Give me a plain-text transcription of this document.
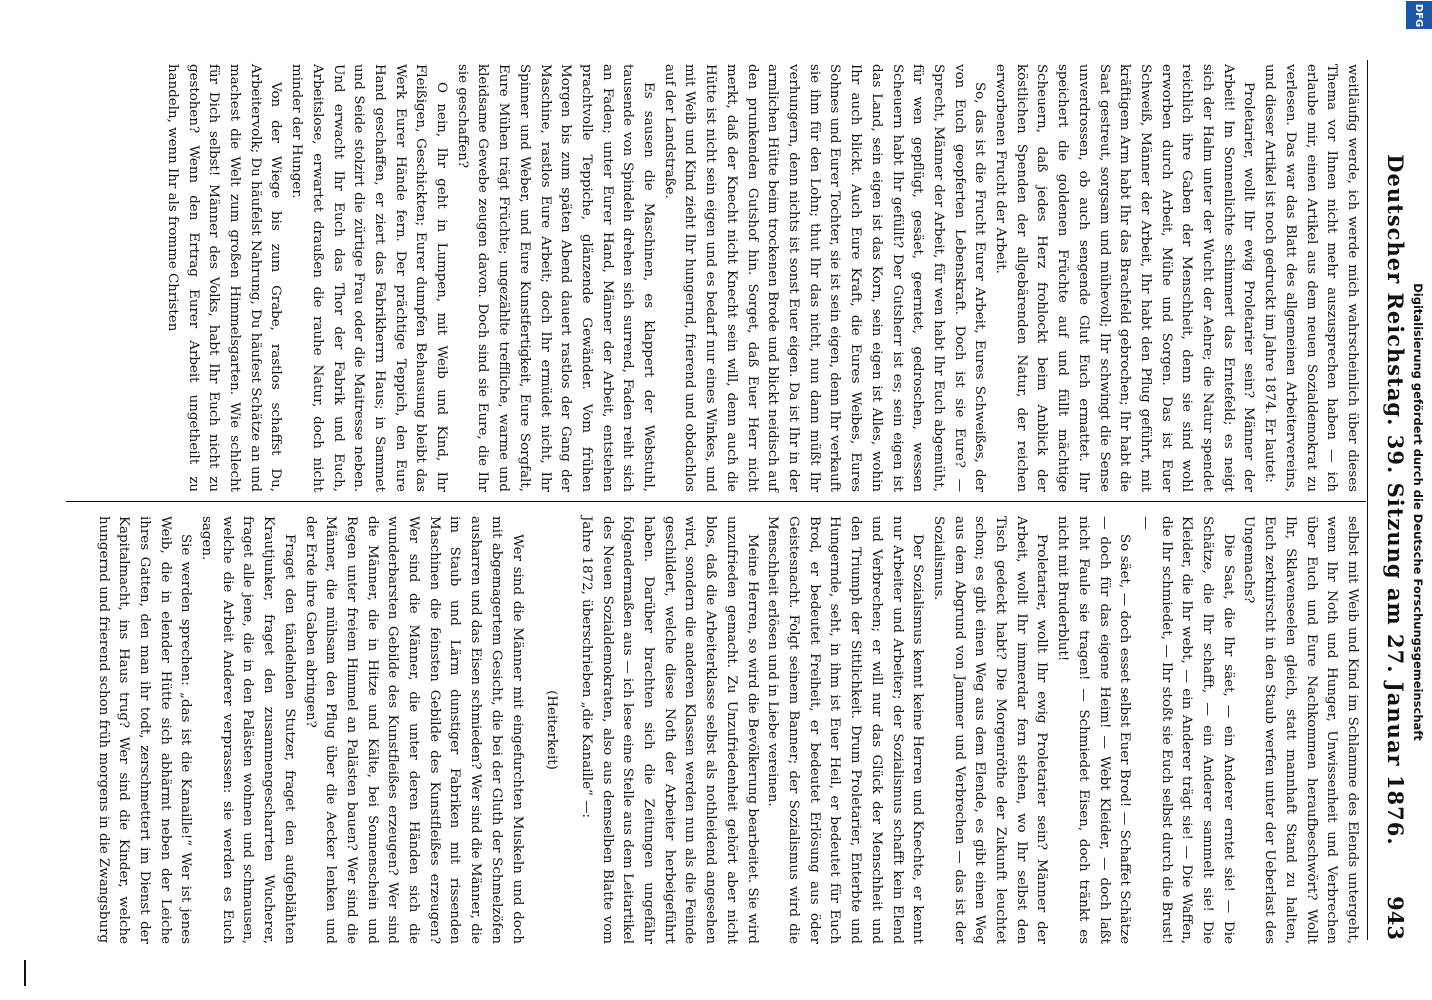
Deutscher Reichstag. 39. Sitzung am 27. Januar 1876.
943

weitläufig werde, ich werde mich wahrscheinlich über dieses Thema vor Ihnen nicht mehr auszusprechen haben — ich erlaube mir, einen Artikel aus dem neuen Sozialdemokrat zu verlesen. Das war das Blatt des allgemeinen Arbeitervereins, und dieser Artikel ist noch gedruckt im Jahre 1874. Er lautet:

Proletarier, wollt Ihr ewig Proletarier sein? Männer der Arbeit! Im Sonnenlichte schimmert das Erntefeld; es neigt sich der Halm unter der Wucht der Aehre; die Natur spendet reichlich ihre Gaben der Menschheit, denn sie sind wohl erworben durch Arbeit, Mühe und Sorgen. Das ist Euer Schweiß, Männer der Arbeit, Ihr habt den Pflug geführt, mit kräftigem Arm habt Ihr das Brachfeld gebrochen; Ihr habt die Saat gestreut, sorgsam und mühevoll; Ihr schwingt die Sense unverdrossen, ob auch sengende Glut Euch ermattet. Ihr speichert die goldenen Früchte auf und füllt mächtige Scheuern, daß jedes Herz frohlockt beim Anblick der köstlichen Spenden der allgebärenden Natur, der reichen erworbenen Frucht der Arbeit.

So, das ist die Frucht Eurer Arbeit, Eures Schweißes, der von Euch geopferten Lebenskraft. Doch ist sie Eure? — Sprecht, Männer der Arbeit, für wen habt Ihr Euch abgemüht, für wen gepflügt, gesäet, geerntet, gedroschen, wessen Scheuern habt Ihr gefüllt? Der Gutsherr ist es; sein eigen ist das Land, sein eigen ist das Korn, sein eigen ist Alles, wohin Ihr auch blickt. Auch Eure Kraft, die Eures Weibes, Eures Sohnes und Eurer Tochter, sie ist sein eigen, denn Ihr verkauft sie ihm für den Lohn; thut Ihr das nicht, nun dann müßt Ihr verhungern, denn nichts ist sonst Euer eigen. Da ist Ihr in der armlichen Hütte beim trockenen Brode und blickt neidisch auf den prunkenden Gutshof hin. Sorget, daß Euer Herr nicht merkt, daß der Knecht nicht Knecht sein will, denn auch die Hütte ist nicht sein eigen und es bedarf nur eines Winkes, und mit Weib und Kind zieht Ihr hungernd, frierend und obdachlos auf der Landstraße.

Es sausen die Maschinen, es klappert der Webstuhl, tausende von Spindeln drehen sich surrend, Faden reiht sich an Faden; unter Eurer Hand, Männer der Arbeit, entstehen prachtvolle Teppiche, glänzende Gewänder. Vom frühen Morgen bis zum späten Abend dauert rastlos der Gang der Maschine, rastlos Eure Arbeit; doch Ihr ermüdet nicht, Ihr Spinner und Weber, und Eure Kunstfertigkeit, Eure Sorgfalt, Eure Mühen trägt Früchte; ungezählte treffliche, warme und kleidsame Gewebe zeugen davon. Doch sind sie Eure, die Ihr sie geschaffen?

O nein, Ihr geht in Lumpen, mit Weib und Kind, Ihr Fleißigen, Geschickten; Eurer dumpfen Behausung bleibt das Werk Eurer Hände fern. Der prächtige Teppich, den Eure Hand geschaffen, er ziert das Fabrikherrn Haus; in Sammet und Seide stolzirt die zürtige Frau oder die Maitresse neben. Und erwacht Ihr Euch das Thor der Fabrik und Euch, Arbeitslose, erwartet draußen die rauhe Natur, doch nicht minder der Hunger.

Von der Wiege bis zum Grabe, rastlos schaffst Du, Arbeitervolk; Du häufelst Nahrung, Du häufest Schätze an und machest die Welt zum großen Himmelsgarten. Wie schlecht für Dich selbst! Männer des Volks, habt Ihr Euch nicht zu gestohen? Wenn den Ertrag Eurer Arbeit ungetheilt zu handeln, wenn Ihr als fromme Christen

selbst mit Weib und Kind im Schlamme des Elends untergeht, wenn Ihr Noth und Hunger, Unwissenheit und Verbrechen über Euch und Eure Nachkommen heraufbeschwört? Wollt Ihr, Sklavenseelen gleich, statt mannhaft Stand zu halten, Euch zerknirscht in den Staub werfen unter der Ueberlast des Ungemachs?

Die Saat, die Ihr säet, — ein Anderer erntet sie! — Die Schätze, die Ihr schafft, — ein Anderer sammelt sie! Die Kleider, die Ihr webt, — ein Anderer trägt sie! — Die Waffen, die Ihr schmiedet, — Ihr stoßt sie Euch selbst durch die Brust! —

So säet, — doch esset selbst Euer Brod! — Schaffet Schätze — doch für das eigene Heim! — Webt Kleider, — doch laßt nicht Faule sie tragen! — Schmiedet Eisen, doch tränkt es nicht mit Bruderblut!

Proletarier, wollt Ihr ewig Proletarier sein? Männer der Arbeit, wollt Ihr immerdar fern stehen, wo Ihr selbst den Tisch gedeckt habt? Die Morgenröthe der Zukunft leuchtet schon; es gibt einen Weg aus dem Elende, es gibt einen Weg aus dem Abgrund von Jammer und Verbrechen — das ist der Sozialismus.

Der Sozialismus kennt keine Herren und Knechte, er kennt nur Arbeiter und Arbeiter; der Sozialismus schafft kein Elend und Verbrechen; er will nur das Glück der Menschheit und den Triumph der Sittlichkeit. Drum Proletarier, Enterbte und Hungernde, seht, in ihm ist Euer Heil, er bedeutet für Euch Brod, er bedeutet Freiheit, er bedeutet Erlösung aus öder Geistesnacht. Folgt seinem Banner; der Sozialismus wird die Menschheit erlösen und in Liebe vereinen.

Meine Herren, so wird die Bevölkerung bearbeitet. Sie wird unzufrieden gemacht. Zu Unzufriedenheit gehört aber nicht blos, daß die Arbeiterklasse selbst als nothleidend angesehen wird, sondern die anderen Klassen werden nun als die Feinde geschildert, welche diese Noth der Arbeiter herbeigeführt haben. Darüber brachten sich die Zeitungen ungefähr folgendermaßen aus — ich lese eine Stelle aus dem Leitartikel des Neuen Sozialdemokraten, also aus demselben Blatte vom Jahre 1872, überschrieben „die Kanaille“ —:

(Heiterkeit)

Wer sind die Männer mit eingefurchten Muskeln und doch mit abgemagertem Gesicht, die bei der Gluth der Schmelzöfen ausharren und das Eisen schmieden? Wer sind die Männer, die im Staub und Lärm dunstiger Fabriken mit rissenden Maschinen die feinsten Gebilde des Kunstfleißes erzeugen? Wer sind die Männer, die unter deren Händen sich die wunderbarsten Gebilde des Kunstfleißes erzeugen? Wer sind die Männer, die in Hitze und Kälte, bei Sonnenschein und Regen unter freiem Himmel an Palästen bauen? Wer sind die Männer, die mühsam den Pflug über die Aecker lenken und der Erde ihre Gaben abringen?

Fraget den tändelnden Stutzer, fraget den aufgeblähten Krautjunker, fraget den zusammengescharrten Wucherer, fraget alle jene, die in den Palästen wohnen und schmausen, welche die Arbeit Anderer verprassen: sie werden es Euch sagen.

Sie werden sprechen: „das ist die Kanaille!“ Wer ist jenes Weib, die in elender Hütte sich abhärmt neben der Leiche ihres Gatten, den man ihr todt, zerschmettert im Dienst der Kapitalmacht, ins Haus trug? Wer sind die Kinder, welche hungernd und frierend schon früh morgens in die Zwangsburg

DFG
Digitalisierung gefördert durch die Deutsche Forschungsgemeinschaft
